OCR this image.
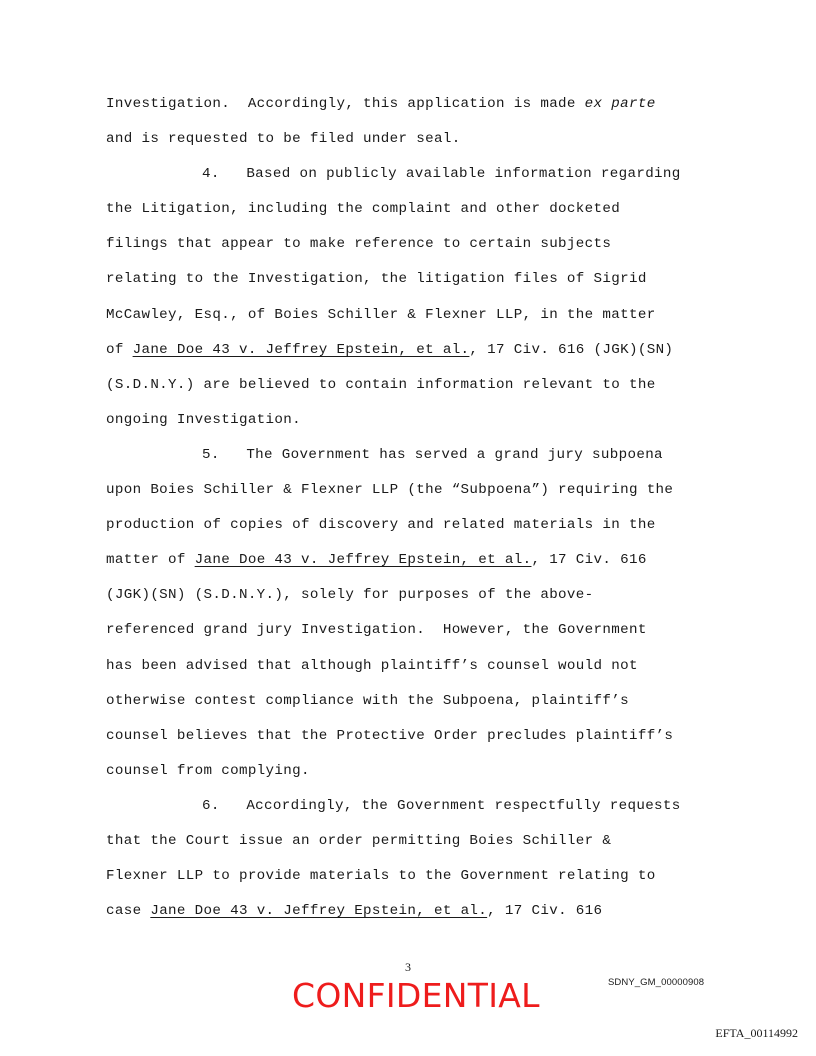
Investigation.  Accordingly, this application is made ex parte
and is requested to be filed under seal.
4.   Based on publicly available information regarding
the Litigation, including the complaint and other docketed
filings that appear to make reference to certain subjects
relating to the Investigation, the litigation files of Sigrid
McCawley, Esq., of Boies Schiller & Flexner LLP, in the matter
of Jane Doe 43 v. Jeffrey Epstein, et al., 17 Civ. 616 (JGK)(SN)
(S.D.N.Y.) are believed to contain information relevant to the
ongoing Investigation.
5.   The Government has served a grand jury subpoena
upon Boies Schiller & Flexner LLP (the “Subpoena”) requiring the
production of copies of discovery and related materials in the
matter of Jane Doe 43 v. Jeffrey Epstein, et al., 17 Civ. 616
(JGK)(SN) (S.D.N.Y.), solely for purposes of the above-
referenced grand jury Investigation.  However, the Government
has been advised that although plaintiff’s counsel would not
otherwise contest compliance with the Subpoena, plaintiff’s
counsel believes that the Protective Order precludes plaintiff’s
counsel from complying.
6.   Accordingly, the Government respectfully requests
that the Court issue an order permitting Boies Schiller &
Flexner LLP to provide materials to the Government relating to
case Jane Doe 43 v. Jeffrey Epstein, et al., 17 Civ. 616
3
CONFIDENTIAL	SDNY_GM_00000908
EFTA_00114992
